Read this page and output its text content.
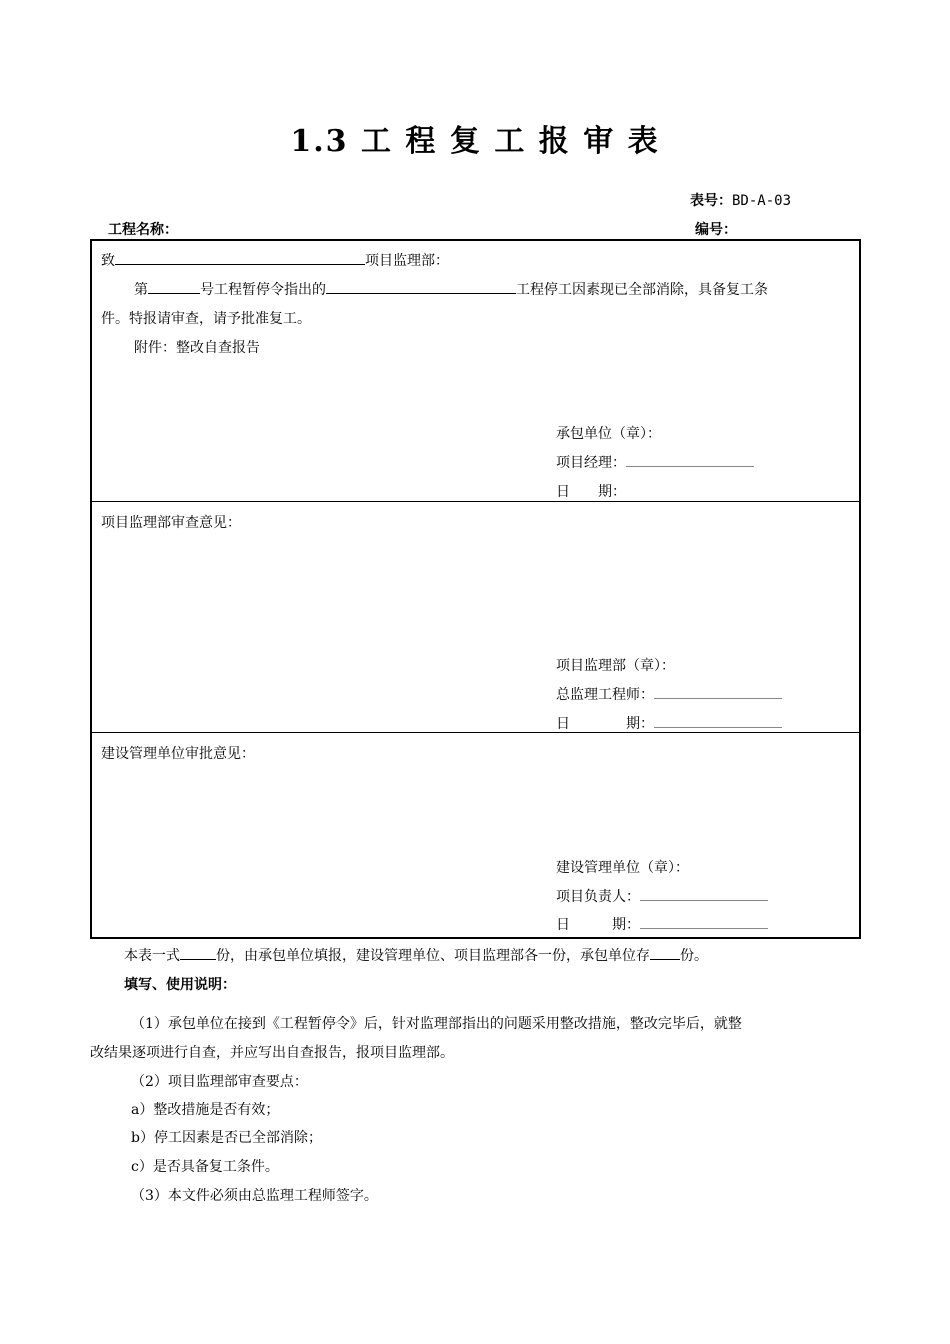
1.3 工 程 复 工 报 审 表
表号：BD-A-03
工程名称：	编号：
致	项目监理部：
第	号工程暂停令指出的	工程停工因素现已全部消除，具备复工条
件。特报请审查，请予批准复工。
附件：整改自查报告
承包单位（章）：
项目经理：
日　　期：
项目监理部审查意见：
项目监理部（章）：
总监理工程师：
日　　　　期：
建设管理单位审批意见：
建设管理单位（章）：
项目负责人：
日　　　期：
本表一式	份，由承包单位填报，建设管理单位、项目监理部各一份，承包单位存 份。
填写、使用说明：
（1）承包单位在接到《工程暂停令》后，针对监理部指出的问题采用整改措施，整改完毕后，就整
改结果逐项进行自查，并应写出自查报告，报项目监理部。
（2）项目监理部审查要点：
a）整改措施是否有效；
b）停工因素是否已全部消除；
c）是否具备复工条件。
（3）本文件必须由总监理工程师签字。
